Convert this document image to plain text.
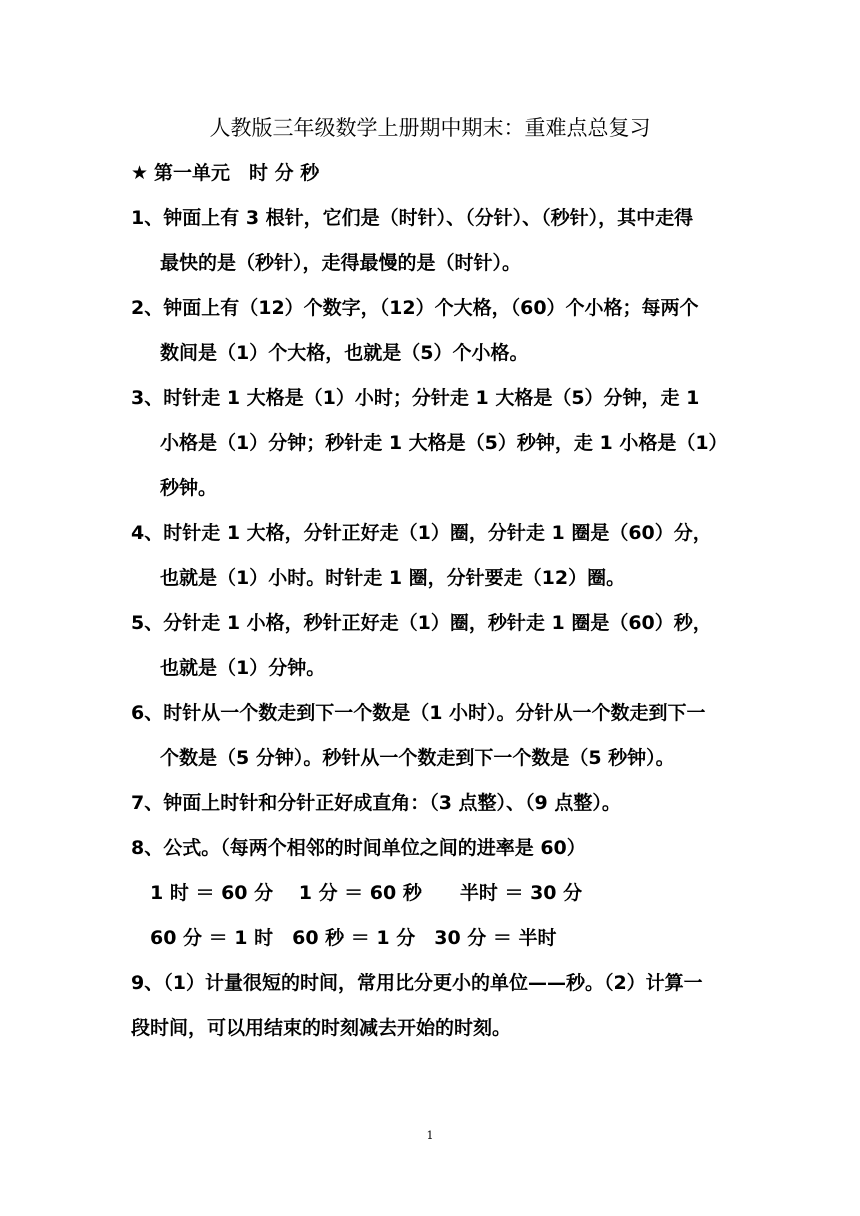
人教版三年级数学上册期中期末：重难点总复习
★ 第一单元　时 分 秒
1、钟面上有 3 根针，它们是（时针）、（分针）、（秒针），其中走得
最快的是（秒针），走得最慢的是（时针）。
2、钟面上有（12）个数字，（12）个大格，（60）个小格；每两个
数间是（1）个大格，也就是（5）个小格。
3、时针走 1 大格是（1）小时；分针走 1 大格是（5）分钟，走 1
小格是（1）分钟；秒针走 1 大格是（5）秒钟，走 1 小格是（1）
秒钟。
4、时针走 1 大格，分针正好走（1）圈，分针走 1 圈是（60）分，
也就是（1）小时。时针走 1 圈，分针要走（12）圈。
5、分针走 1 小格，秒针正好走（1）圈，秒针走 1 圈是（60）秒，
也就是（1）分钟。
6、时针从一个数走到下一个数是（1 小时）。分针从一个数走到下一
个数是（5 分钟）。秒针从一个数走到下一个数是（5 秒钟）。
7、钟面上时针和分针正好成直角：（3 点整）、（9 点整）。
8、公式。（每两个相邻的时间单位之间的进率是 60）
1 时 ＝ 60 分　 1 分 ＝ 60 秒　　半时 ＝ 30 分
60 分 ＝ 1 时　60 秒 ＝ 1 分　30 分 ＝ 半时
9、（1）计量很短的时间，常用比分更小的单位——秒。（2）计算一
段时间，可以用结束的时刻减去开始的时刻。
1
